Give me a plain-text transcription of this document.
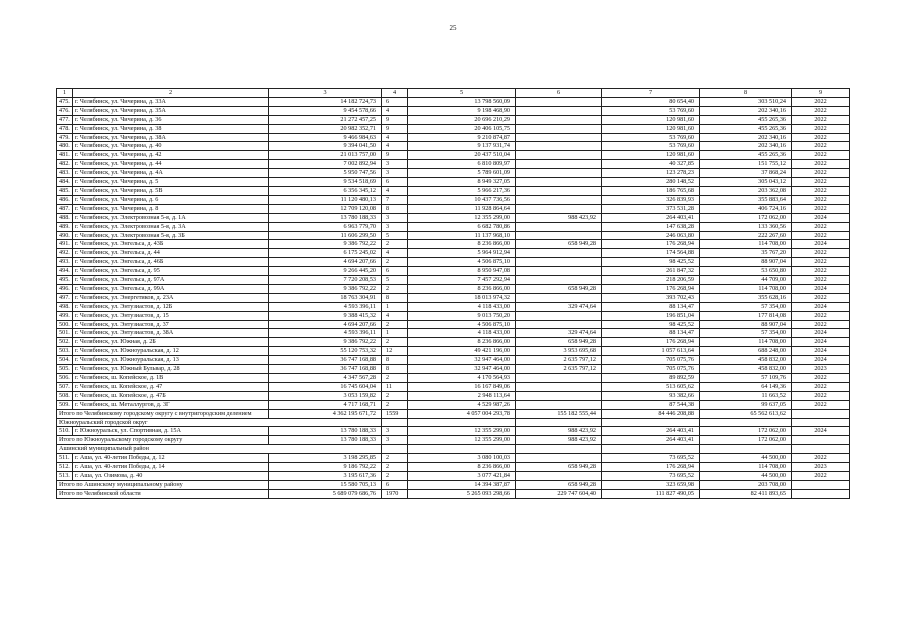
25
1	2	3	4	5	6	7	8	9
475.	г. Челябинск, ул. Чичерина, д. 33А	14 182 724,73	6	13 798 560,09		80 654,40	303 510,24	2022
476.	г. Челябинск, ул. Чичерина, д. 35А	9 454 578,66	4	9 198 468,90		53 769,60	202 340,16	2022
477.	г. Челябинск, ул. Чичерина, д. 36	21 272 457,25	9	20 696 210,29		120 981,60	455 265,36	2022
478.	г. Челябинск, ул. Чичерина, д. 38	20 982 352,71	9	20 406 105,75		120 981,60	455 265,36	2022
479.	г. Челябинск, ул. Чичерина, д. 38А	9 466 984,63	4	9 210 874,87		53 769,60	202 340,16	2022
480.	г. Челябинск, ул. Чичерина, д. 40	9 394 041,50	4	9 137 931,74		53 769,60	202 340,16	2022
481.	г. Челябинск, ул. Чичерина, д. 42	21 013 757,00	9	20 437 510,04		120 981,60	455 265,36	2022
482.	г. Челябинск, ул. Чичерина, д. 44	7 002 892,94	3	6 810 809,97		40 327,85	151 755,12	2022
483.	г. Челябинск, ул. Чичерина, д. 4А	5 950 747,56	3	5 789 601,09		123 278,23	37 868,24	2022
484.	г. Челябинск, ул. Чичерина, д. 5	9 534 518,69	6	8 949 327,05		280 148,52	305 043,12	2022
485.	г. Челябинск, ул. Чичерина, д. 5В	6 356 345,12	4	5 966 217,36		186 765,68	203 362,08	2022
486.	г. Челябинск, ул. Чичерина, д. 6	11 120 480,13	7	10 437 736,56		326 839,93	355 883,64	2022
487.	г. Челябинск, ул. Чичерина, д. 8	12 709 120,08	8	11 928 864,64		373 531,28	406 724,16	2022
488.	г. Челябинск, ул. Электровозная 5-я, д. 1А	13 780 188,33	3	12 355 299,00	988 423,92	264 403,41	172 062,00	2024
489.	г. Челябинск, ул. Электровозная 5-я, д. 3А	6 963 779,70	3	6 682 780,86		147 638,28	133 360,56	2022
490.	г. Челябинск, ул. Электровозная 5-я, д. 3Б	11 606 299,50	5	11 137 968,10		246 063,80	222 267,60	2022
491.	г. Челябинск, ул. Энгельса, д. 43Б	9 386 792,22	2	8 236 866,00	658 949,28	176 268,94	114 708,00	2024
492.	г. Челябинск, ул. Энгельса, д. 44	6 175 245,02	4	5 964 912,94		174 564,88	35 767,20	2022
493.	г. Челябинск, ул. Энгельса, д. 46Б	4 694 207,66	2	4 506 875,10		98 425,52	88 907,04	2022
494.	г. Челябинск, ул. Энгельса, д. 95	9 266 445,20	6	8 950 947,08		261 847,32	53 650,80	2022
495.	г. Челябинск, ул. Энгельса, д. 97А	7 720 208,53	5	7 457 292,94		218 206,59	44 709,00	2022
496.	г. Челябинск, ул. Энгельса, д. 99А	9 386 792,22	2	8 236 866,00	658 949,28	176 268,94	114 708,00	2024
497.	г. Челябинск, ул. Энергетиков, д. 23А	18 763 304,91	8	18 013 974,32		393 702,43	355 628,16	2022
498.	г. Челябинск, ул. Энтузиастов, д. 12Б	4 593 396,11	1	4 118 433,00	329 474,64	88 134,47	57 354,00	2024
499.	г. Челябинск, ул. Энтузиастов, д. 15	9 388 415,32	4	9 013 750,20		196 851,04	177 814,08	2022
500.	г. Челябинск, ул. Энтузиастов, д. 37	4 694 207,66	2	4 506 875,10		98 425,52	88 907,04	2022
501.	г. Челябинск, ул. Энтузиастов, д. 38А	4 593 396,11	1	4 118 433,00	329 474,64	88 134,47	57 354,00	2024
502.	г. Челябинск, ул. Южная, д. 2Б	9 386 792,22	2	8 236 866,00	658 949,28	176 268,94	114 708,00	2024
503.	г. Челябинск, ул. Южноуральская, д. 12	55 120 753,32	12	49 421 196,00	3 953 695,68	1 057 613,64	688 248,00	2024
504.	г. Челябинск, ул. Южноуральская, д. 13	36 747 168,88	8	32 947 464,00	2 635 797,12	705 075,76	458 832,00	2024
505.	г. Челябинск, ул. Южный Бульвар, д. 28	36 747 168,88	8	32 947 464,00	2 635 797,12	705 075,76	458 832,00	2023
506.	г. Челябинск, ш. Копейское, д. 1В	4 347 567,28	2	4 170 564,93		89 892,59	57 109,76	2022
507.	г. Челябинск, ш. Копейское, д. 47	16 745 604,04	11	16 167 849,06		513 605,62	64 149,36	2022
508.	г. Челябинск, ш. Копейское, д. 47Б	3 053 159,82	2	2 948 113,64		93 382,66	11 663,52	2022
509.	г. Челябинск, ш. Металлургов, д. 3Г	4 717 168,71	2	4 529 987,26		87 544,38	99 637,05	2022
Итого по Челябинскому городскому округу с внутригородским делением		4 362 195 671,72	1559	4 057 004 293,78	155 182 555,44	84 446 208,88	65 562 613,62	
Южноуральский городской округ								
510.	г. Южноуральск, ул. Спортивная, д. 15А	13 780 188,33	3	12 355 299,00	988 423,92	264 403,41	172 062,00	2024
Итого по Южноуральскому городскому округу		13 780 188,33	3	12 355 299,00	988 423,92	264 403,41	172 062,00	
Ашинский муниципальный район								
511.	г. Аша, ул. 40-летия Победы, д. 12	3 198 295,85	2	3 080 100,03		73 695,52	44 500,00	2022
512.	г. Аша, ул. 40-летия Победы, д. 14	9 186 792,22	2	8 236 866,00	658 949,28	176 268,94	114 708,00	2023
513.	г. Аша, ул. Озимова, д. 40	3 195 617,36	2	3 077 421,84		73 695,52	44 500,00	2022
Итого по Ашинскому муниципальному району		15 580 705,13	6	14 394 387,87	658 949,28	323 659,98	203 708,00	
Итого по Челябинской области		5 689 079 686,76	1970	5 265 093 298,66	229 747 604,40	111 827 490,05	82 411 893,65	
